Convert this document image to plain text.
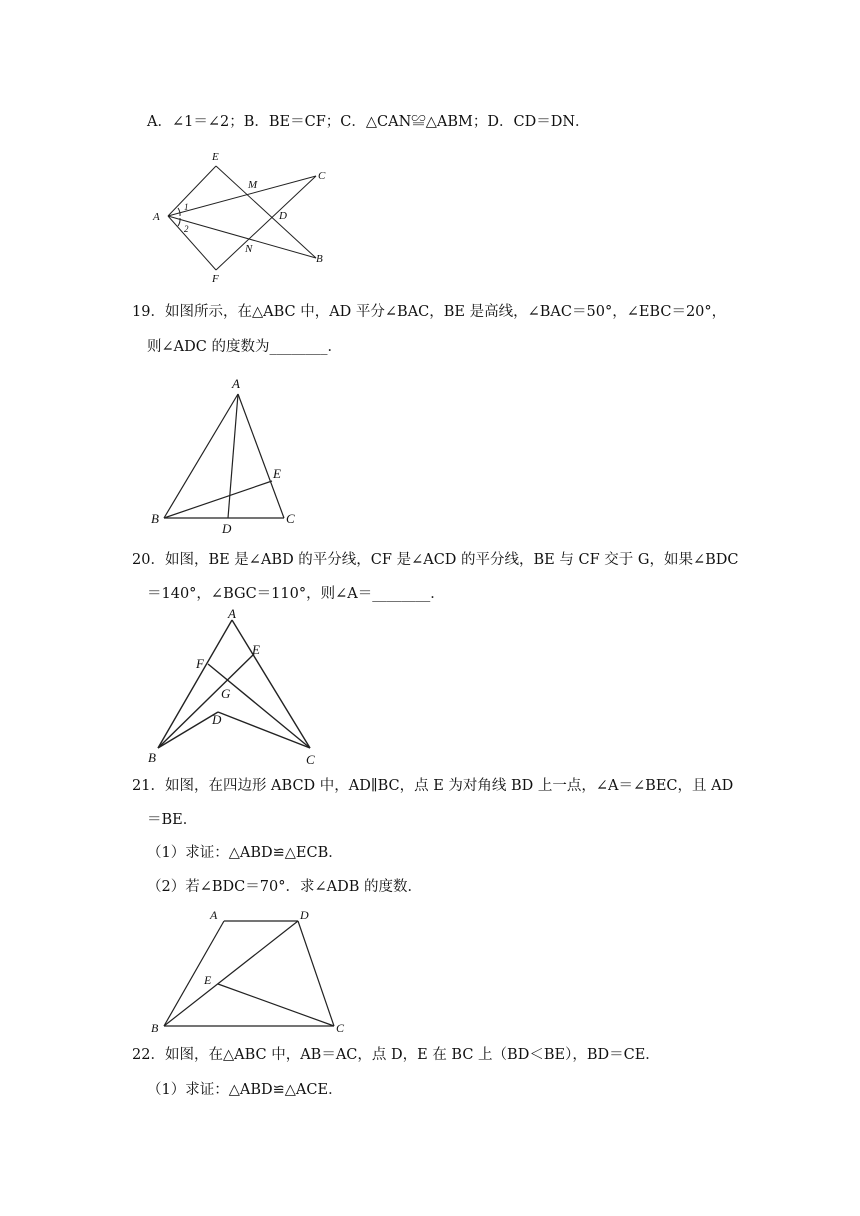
A．∠1＝∠2；B．BE＝CF；C．△CAN≌△ABM；D．CD＝DN．
E
M
C
A
1
2
D
N
B
F
19．如图所示，在△ABC 中，AD 平分∠BAC，BE 是高线，∠BAC＝50°，∠EBC＝20°，
则∠ADC 的度数为________．
A
E
B
D
C
20．如图，BE 是∠ABD 的平分线，CF 是∠ACD 的平分线，BE 与 CF 交于 G，如果∠BDC
＝140°，∠BGC＝110°，则∠A＝________．
A
E
F
G
D
B	C
21．如图，在四边形 ABCD 中，AD∥BC，点 E 为对角线 BD 上一点，∠A＝∠BEC，且 AD
＝BE．
（1）求证：△ABD≌△ECB．
（2）若∠BDC＝70°．求∠ADB 的度数．
A	D
E
B	C
22．如图，在△ABC 中，AB＝AC，点 D，E 在 BC 上（BD＜BE），BD＝CE．
（1）求证：△ABD≌△ACE．
